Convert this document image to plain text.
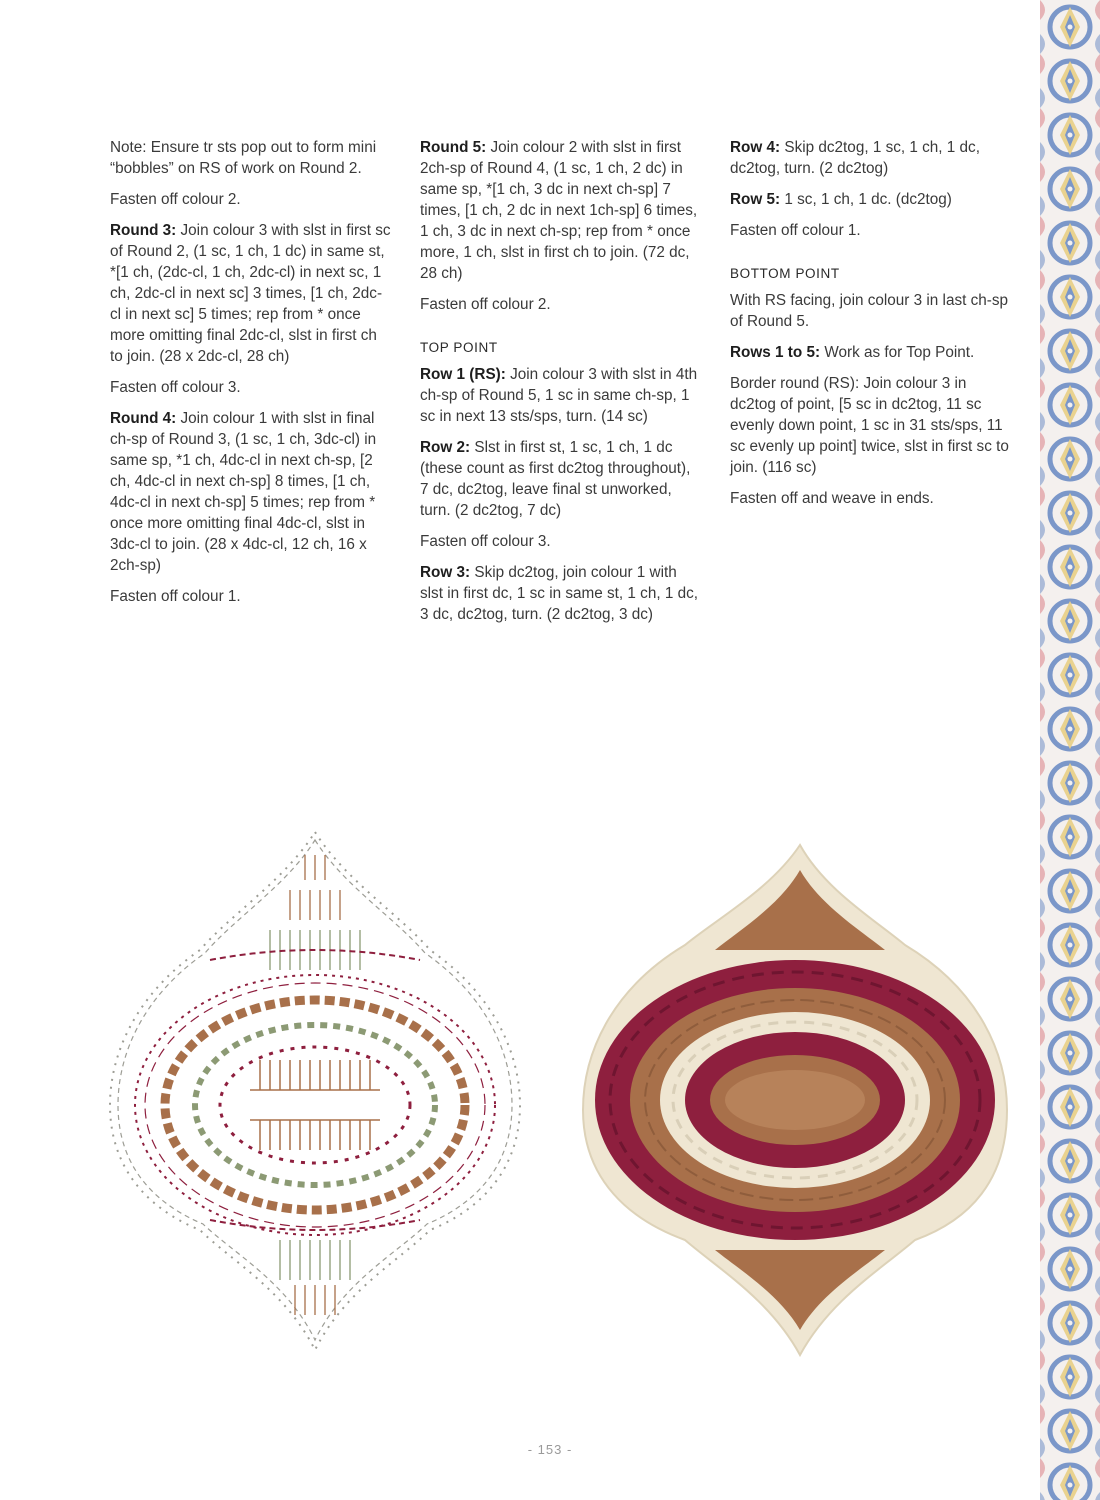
Note: Ensure tr sts pop out to form mini “bobbles” on RS of work on Round 2.

Fasten off colour 2.

Round 3: Join colour 3 with slst in first sc of Round 2, (1 sc, 1 ch, 1 dc) in same st, *[1 ch, (2dc-cl, 1 ch, 2dc-cl) in next sc, 1 ch, 2dc-cl in next sc] 3 times, [1 ch, 2dc-cl in next sc] 5 times; rep from * once more omitting final 2dc-cl, slst in first ch to join. (28 x 2dc-cl, 28 ch)

Fasten off colour 3.

Round 4: Join colour 1 with slst in final ch-sp of Round 3, (1 sc, 1 ch, 3dc-cl) in same sp, *1 ch, 4dc-cl in next ch-sp, [2 ch, 4dc-cl in next ch-sp] 8 times, [1 ch, 4dc-cl in next ch-sp] 5 times; rep from * once more omitting final 4dc-cl, slst in 3dc-cl to join. (28 x 4dc-cl, 12 ch, 16 x 2ch-sp)

Fasten off colour 1.

Round 5: Join colour 2 with slst in first 2ch-sp of Round 4, (1 sc, 1 ch, 2 dc) in same sp, *[1 ch, 3 dc in next ch-sp] 7 times, [1 ch, 2 dc in next 1ch-sp] 6 times, 1 ch, 3 dc in next ch-sp; rep from * once more, 1 ch, slst in first ch to join. (72 dc, 28 ch)

Fasten off colour 2.

TOP POINT

Row 1 (RS): Join colour 3 with slst in 4th ch-sp of Round 5, 1 sc in same ch-sp, 1 sc in next 13 sts/sps, turn. (14 sc)

Row 2: Slst in first st, 1 sc, 1 ch, 1 dc (these count as first dc2tog throughout), 7 dc, dc2tog, leave final st unworked, turn. (2 dc2tog, 7 dc)

Fasten off colour 3.

Row 3: Skip dc2tog, join colour 1 with slst in first dc, 1 sc in same st, 1 ch, 1 dc, 3 dc, dc2tog, turn. (2 dc2tog, 3 dc)

Row 4: Skip dc2tog, 1 sc, 1 ch, 1 dc, dc2tog, turn. (2 dc2tog)

Row 5: 1 sc, 1 ch, 1 dc. (dc2tog)

Fasten off colour 1.

BOTTOM POINT

With RS facing, join colour 3 in last ch-sp of Round 5.

Rows 1 to 5: Work as for Top Point.

Border round (RS): Join colour 3 in dc2tog of point, [5 sc in dc2tog, 11 sc evenly down point, 1 sc in 31 sts/sps, 11 sc evenly up point] twice, slst in first sc to join. (116 sc)

Fasten off and weave in ends.

- 153 -
